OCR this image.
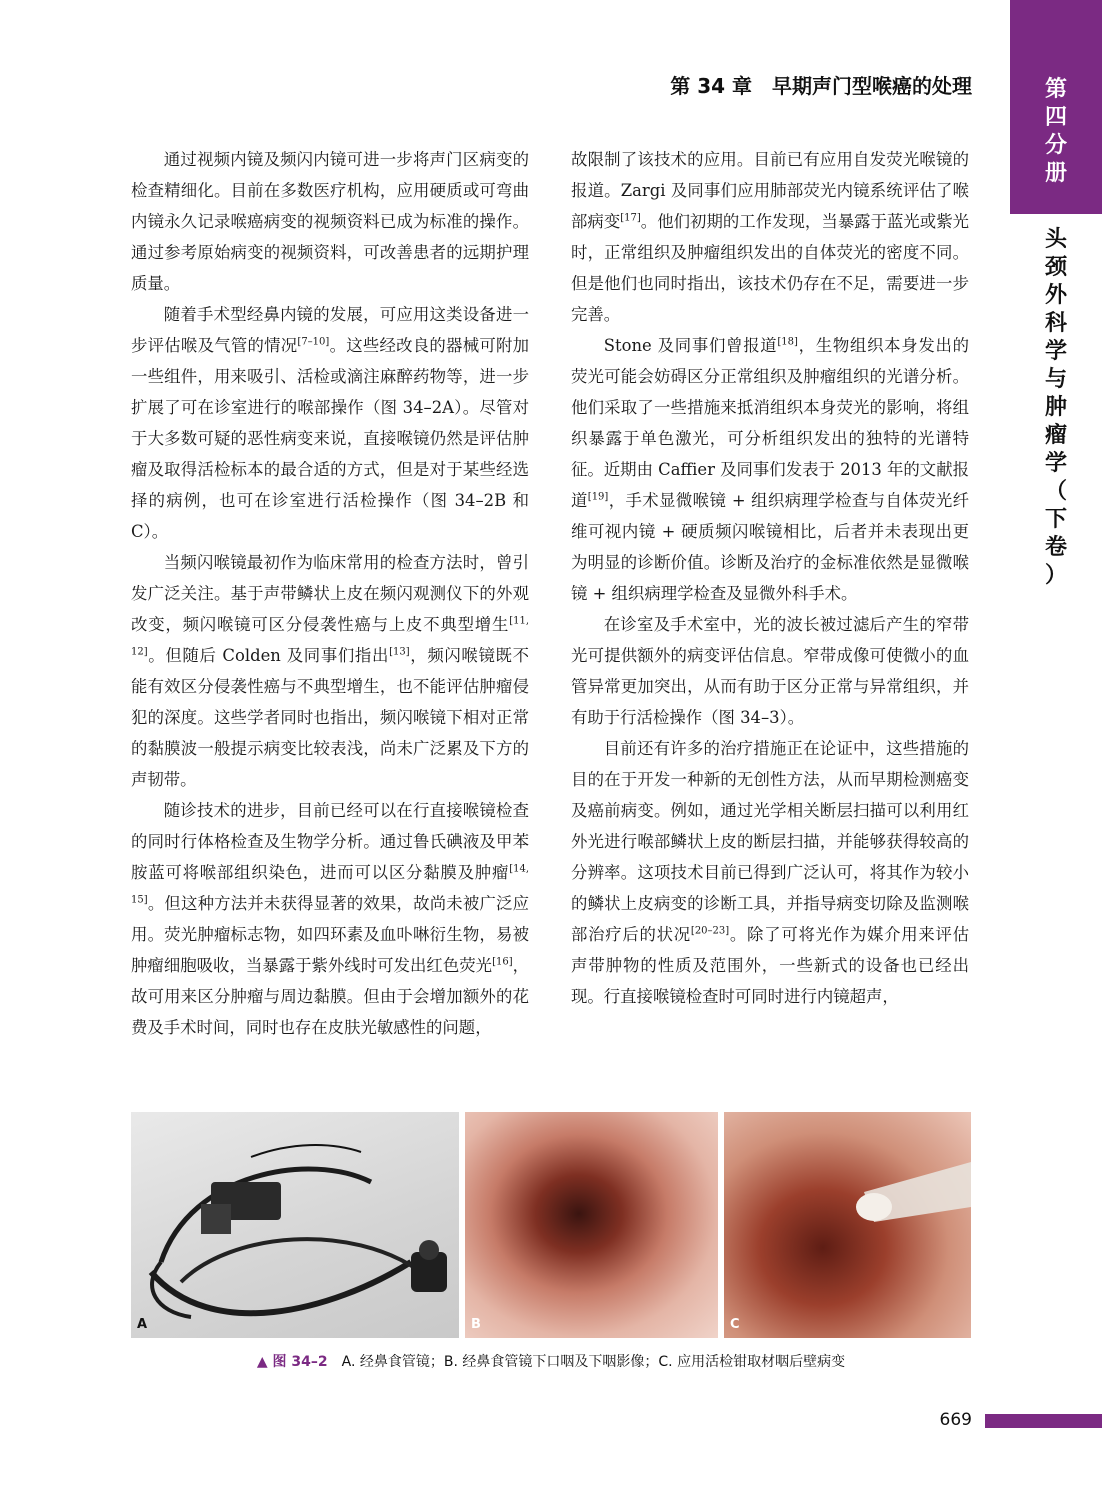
第 34 章　早期声门型喉癌的处理	第
四
分
册
头
颈
外
科
学
与
肿
瘤
学
（
下
卷
）

通过视频内镜及频闪内镜可进一步将声门区病变的检查精细化。目前在多数医疗机构，应用硬质或可弯曲内镜永久记录喉癌病变的视频资料已成为标准的操作。通过参考原始病变的视频资料，可改善患者的远期护理质量。

随着手术型经鼻内镜的发展，可应用这类设备进一步评估喉及气管的情况[7–10]。这些经改良的器械可附加一些组件，用来吸引、活检或滴注麻醉药物等，进一步扩展了可在诊室进行的喉部操作（图 34–2A）。尽管对于大多数可疑的恶性病变来说，直接喉镜仍然是评估肿瘤及取得活检标本的最合适的方式，但是对于某些经选择的病例，也可在诊室进行活检操作（图 34–2B 和 C）。

当频闪喉镜最初作为临床常用的检查方法时，曾引发广泛关注。基于声带鳞状上皮在频闪观测仪下的外观改变，频闪喉镜可区分侵袭性癌与上皮不典型增生[11, 12]。但随后 Colden 及同事们指出[13]，频闪喉镜既不能有效区分侵袭性癌与不典型增生，也不能评估肿瘤侵犯的深度。这些学者同时也指出，频闪喉镜下相对正常的黏膜波一般提示病变比较表浅，尚未广泛累及下方的声韧带。

随诊技术的进步，目前已经可以在行直接喉镜检查的同时行体格检查及生物学分析。通过鲁氏碘液及甲苯胺蓝可将喉部组织染色，进而可以区分黏膜及肿瘤[14, 15]。但这种方法并未获得显著的效果，故尚未被广泛应用。荧光肿瘤标志物，如四环素及血卟啉衍生物，易被肿瘤细胞吸收，当暴露于紫外线时可发出红色荧光[16]，故可用来区分肿瘤与周边黏膜。但由于会增加额外的花费及手术时间，同时也存在皮肤光敏感性的问题，

故限制了该技术的应用。目前已有应用自发荧光喉镜的报道。Zargi 及同事们应用肺部荧光内镜系统评估了喉部病变[17]。他们初期的工作发现，当暴露于蓝光或紫光时，正常组织及肿瘤组织发出的自体荧光的密度不同。但是他们也同时指出，该技术仍存在不足，需要进一步完善。

Stone 及同事们曾报道[18]，生物组织本身发出的荧光可能会妨碍区分正常组织及肿瘤组织的光谱分析。他们采取了一些措施来抵消组织本身荧光的影响，将组织暴露于单色激光，可分析组织发出的独特的光谱特征。近期由 Caffier 及同事们发表于 2013 年的文献报道[19]，手术显微喉镜 + 组织病理学检查与自体荧光纤维可视内镜 + 硬质频闪喉镜相比，后者并未表现出更为明显的诊断价值。诊断及治疗的金标准依然是显微喉镜 + 组织病理学检查及显微外科手术。

在诊室及手术室中，光的波长被过滤后产生的窄带光可提供额外的病变评估信息。窄带成像可使微小的血管异常更加突出，从而有助于区分正常与异常组织，并有助于行活检操作（图 34–3）。

目前还有许多的治疗措施正在论证中，这些措施的目的在于开发一种新的无创性方法，从而早期检测癌变及癌前病变。例如，通过光学相关断层扫描可以利用红外光进行喉部鳞状上皮的断层扫描，并能够获得较高的分辨率。这项技术目前已得到广泛认可，将其作为较小的鳞状上皮病变的诊断工具，并指导病变切除及监测喉部治疗后的状况[20–23]。除了可将光作为媒介用来评估声带肿物的性质及范围外，一些新式的设备也已经出现。行直接喉镜检查时可同时进行内镜超声，

A	B	C
▲ 图 34–2　A. 经鼻食管镜；B. 经鼻食管镜下口咽及下咽影像；C. 应用活检钳取材咽后壁病变
669
